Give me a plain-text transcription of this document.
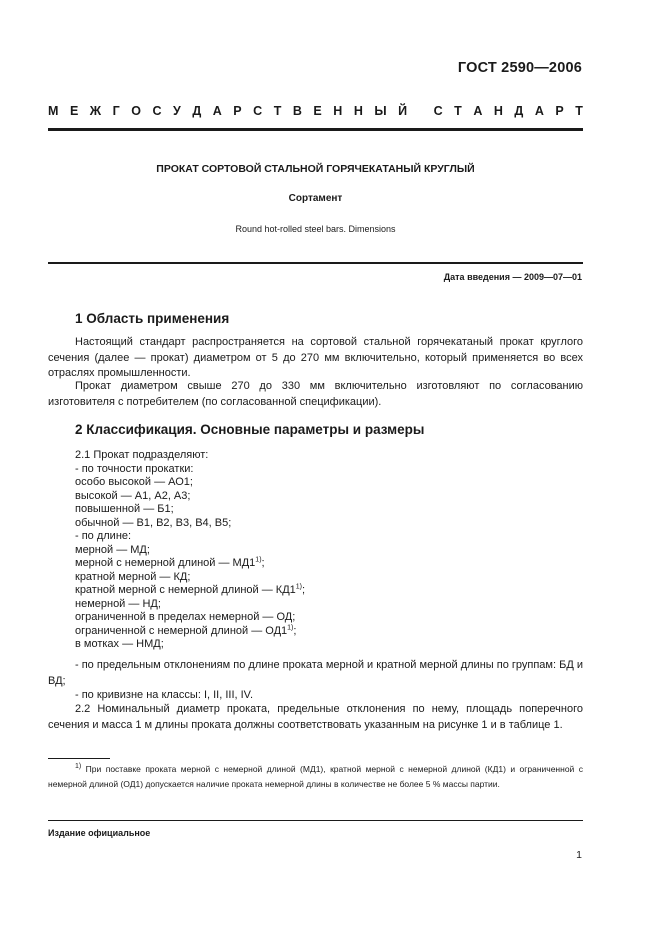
ГОСТ 2590—2006
М Е Ж Г О С У Д А Р С Т В Е Н Н Ы Й
С Т А Н Д А Р Т
ПРОКАТ СОРТОВОЙ СТАЛЬНОЙ ГОРЯЧЕКАТАНЫЙ КРУГЛЫЙ
Сортамент
Round hot-rolled steel bars. Dimensions
Дата введения — 2009—07—01
1 Область применения

Настоящий стандарт распространяется на сортовой стальной горячекатаный прокат круглого сечения (далее — прокат) диаметром от 5 до 270 мм включительно, который применяется во всех отраслях промышленности.

Прокат диаметром свыше 270 до 330 мм включительно изготовляют по согласованию изготовителя с потребителем (по согласованной спецификации).

2 Классификация. Основные параметры и размеры
2.1 Прокат подразделяют:
- по точности прокатки:
особо высокой — АО1;
высокой — А1, А2, А3;
повышенной — Б1;
обычной — В1, В2, В3, В4, В5;
- по длине:
мерной — МД;
мерной с немерной длиной — МД1$^{1)}$;
кратной мерной — КД;
кратной мерной с немерной длиной — КД1$^{1)}$;
немерной — НД;
ограниченной в пределах немерной — ОД;
ограниченной с немерной длиной — ОД1$^{1)}$;
в мотках — НМД;

- по предельным отклонениям по длине проката мерной и кратной мерной длины по группам: БД и ВД;

- по кривизне на классы: I, II, III, IV.

2.2 Номинальный диаметр проката, предельные отклонения по нему, площадь поперечного сечения и масса 1 м длины проката должны соответствовать указанным на рисунке 1 и в таблице 1.

$^{1)}$ При поставке проката мерной с немерной длиной (МД1), кратной мерной с немерной длиной (КД1) и ограниченной с немерной длиной (ОД1) допускается наличие проката немерной длины в количестве не более 5 % массы партии.
Издание официальное
1
